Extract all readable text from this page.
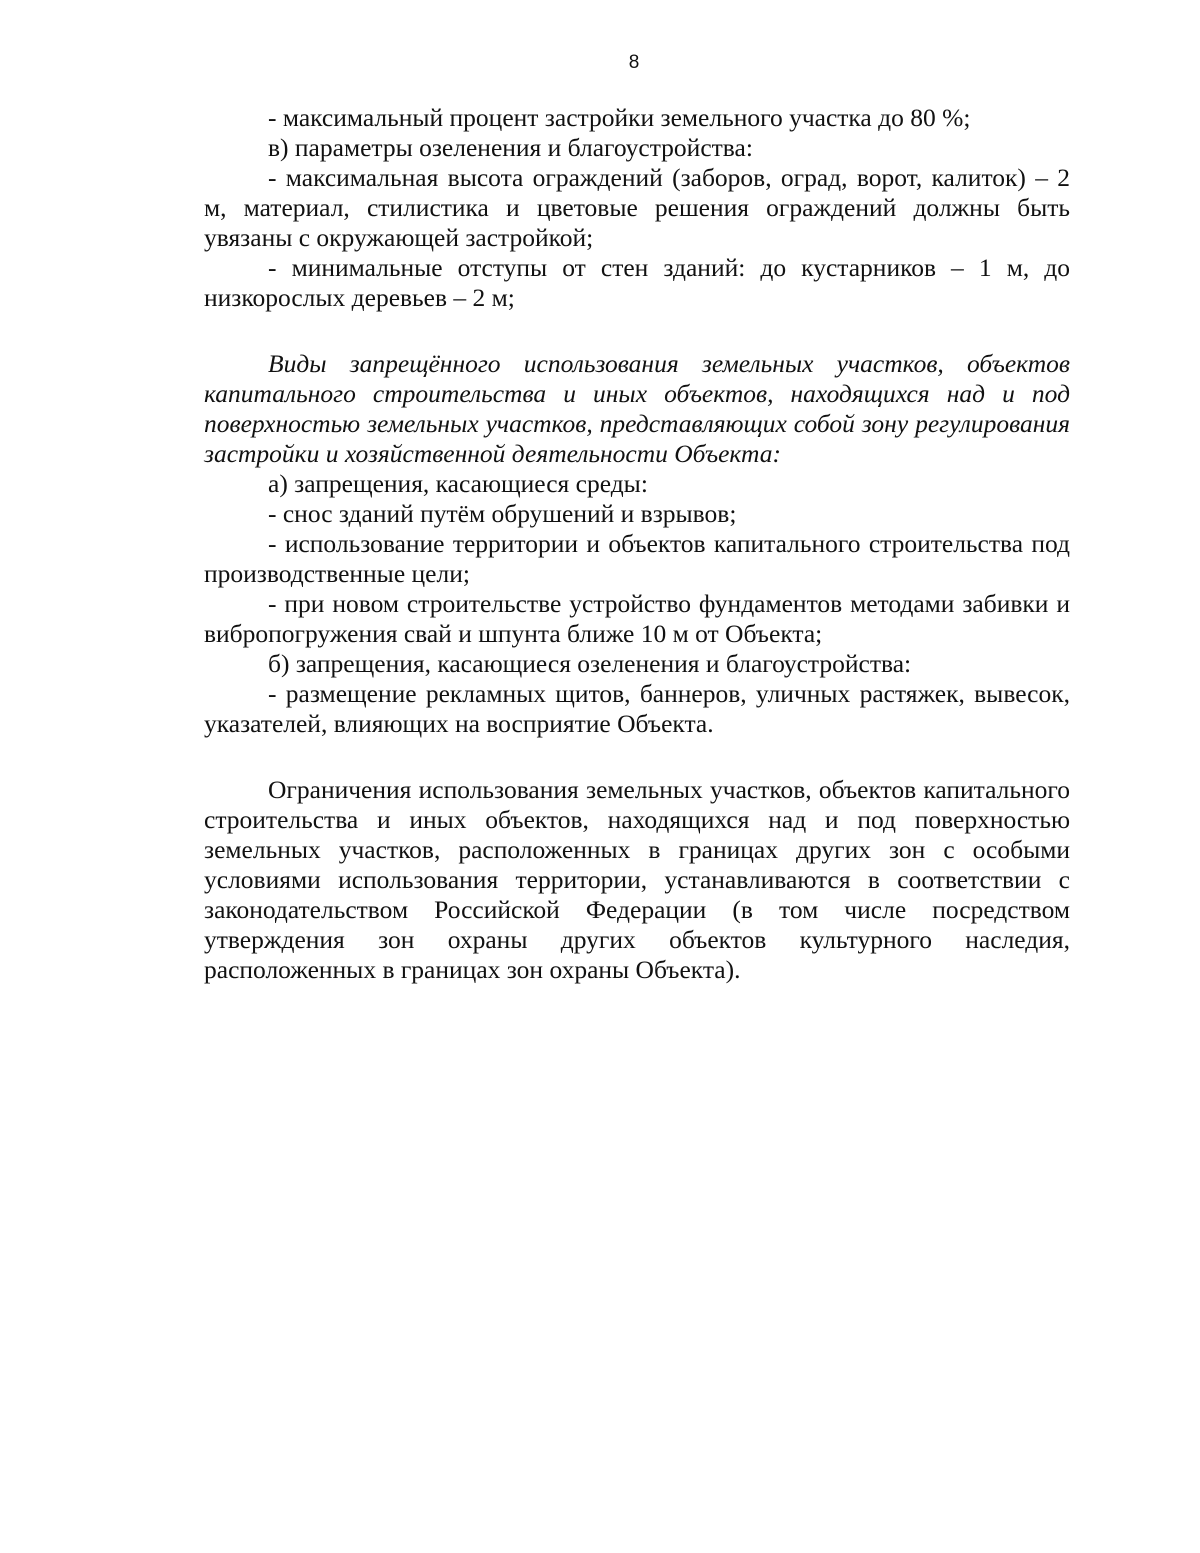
8

- максимальный процент застройки земельного участка до 80 %;

в) параметры озеленения и благоустройства:

- максимальная высота ограждений (заборов, оград, ворот, калиток) – 2 м, материал, стилистика и цветовые решения ограждений должны быть увязаны с окружающей застройкой;

- минимальные отступы от стен зданий: до кустарников – 1 м, до низкорослых деревьев – 2 м;

Виды запрещённого использования земельных участков, объектов капитального строительства и иных объектов, находящихся над и под поверхностью земельных участков, представляющих собой зону регулирования застройки и хозяйственной деятельности Объекта:

а) запрещения, касающиеся среды:

- снос зданий путём обрушений и взрывов;

- использование территории и объектов капитального строительства под производственные цели;

- при новом строительстве устройство фундаментов методами забивки и вибропогружения свай и шпунта ближе 10 м от Объекта;

б) запрещения, касающиеся озеленения и благоустройства:

- размещение рекламных щитов, баннеров, уличных растяжек, вывесок, указателей, влияющих на восприятие Объекта.

Ограничения использования земельных участков, объектов капитального строительства и иных объектов, находящихся над и под поверхностью земельных участков, расположенных в границах других зон с особыми условиями использования территории, устанавливаются в соответствии с законодательством Российской Федерации (в том числе посредством утверждения зон охраны других объектов культурного наследия, расположенных в границах зон охраны Объекта).
